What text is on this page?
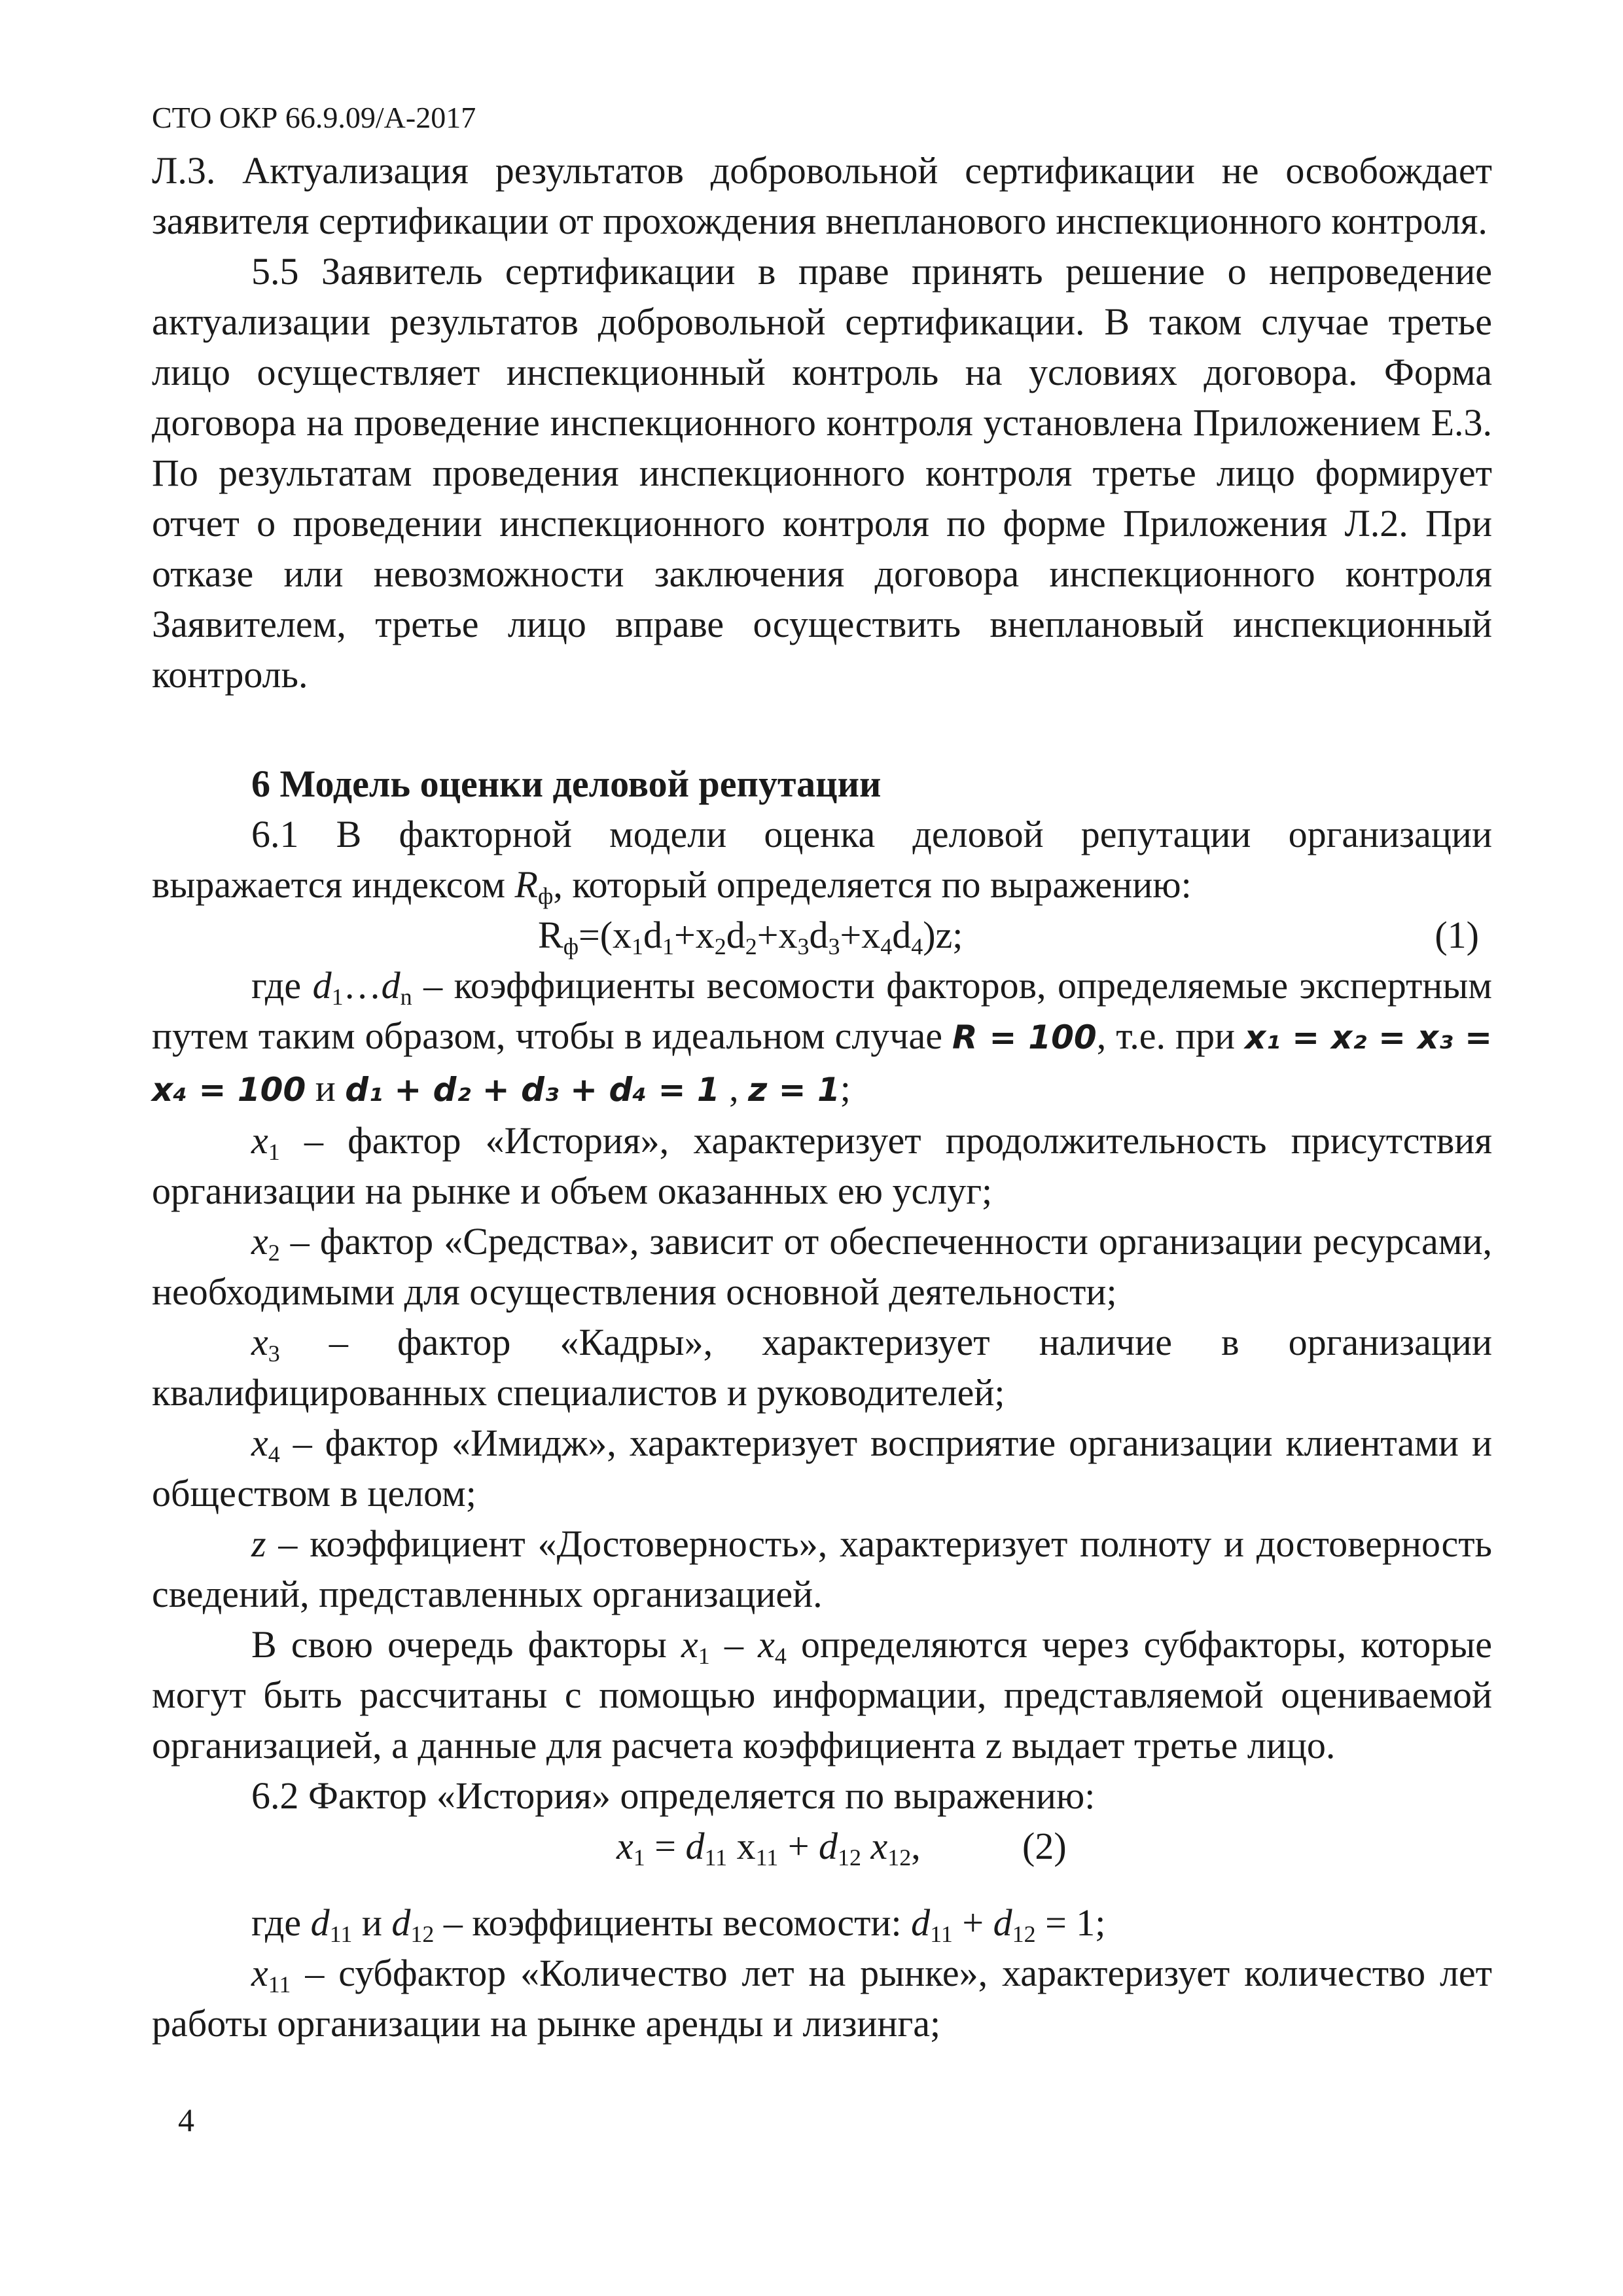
СТО ОКР 66.9.09/А-2017

Л.3. Актуализация результатов добровольной сертификации не освобождает заявителя сертификации от прохождения внепланового инспекционного контроля.

5.5 Заявитель сертификации в праве принять решение о непроведение актуализации результатов добровольной сертификации. В таком случае третье лицо осуществляет инспекционный контроль на условиях договора. Форма договора на проведение инспекционного контроля установлена Приложением Е.3. По результатам проведения инспекционного контроля третье лицо формирует отчет о проведении инспекционного контроля по форме Приложения Л.2. При отказе или невозможности заключения договора инспекционного контроля Заявителем, третье лицо вправе осуществить внеплановый инспекционный контроль.

6 Модель оценки деловой репутации

6.1 В факторной модели оценка деловой репутации организации выражается индексом $R_ф$, который определяется по выражению:

$R_ф=(x_1d_1+x_2d_2+x_3d_3+x_4d_4)z$;	(1)

где $d_1\dots d_n$ – коэффициенты весомости факторов, определяемые экспертным путем таким образом, чтобы в идеальном случае R = 100, т.е. при x₁ = x₂ = x₃ = x₄ = 100 и d₁ + d₂ + d₃ + d₄ = 1 , z = 1;

$x_1$ – фактор «История», характеризует продолжительность присутствия организации на рынке и объем оказанных ею услуг;

$x_2$ – фактор «Средства», зависит от обеспеченности организации ресурсами, необходимыми для осуществления основной деятельности;

$x_3$ – фактор «Кадры», характеризует наличие в организации квалифицированных специалистов и руководителей;

$x_4$ – фактор «Имидж», характеризует восприятие организации клиентами и обществом в целом;

z – коэффициент «Достоверность», характеризует полноту и достоверность сведений, представленных организацией.

В свою очередь факторы $x_1 - x_4$ определяются через субфакторы, которые могут быть рассчитаны с помощью информации, представляемой оцениваемой организацией, а данные для расчета коэффициента z выдает третье лицо.

6.2 Фактор «История» определяется по выражению:

$x_1 = d_{11}$ $x_{11} + d_{12}$ $x_{12}$,	(2)

где $d_{11}$ и $d_{12}$ – коэффициенты весомости: $d_{11} + d_{12} = 1$;

$x_{11}$ – субфактор «Количество лет на рынке», характеризует количество лет работы организации на рынке аренды и лизинга;

4
